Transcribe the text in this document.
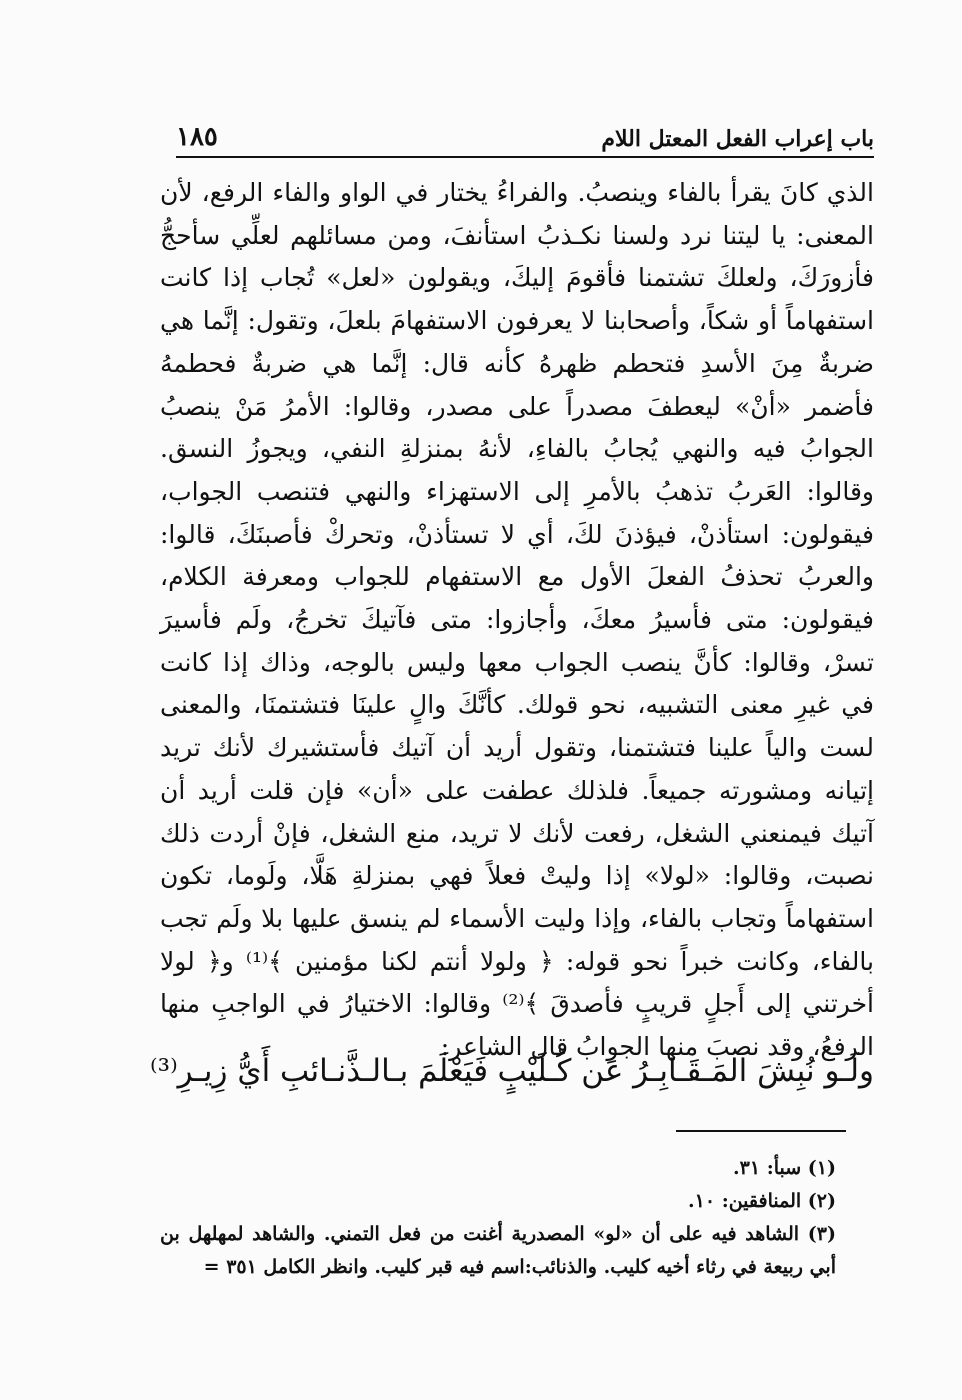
باب إعراب الفعل المعتل اللام
١٨٥

الذي كانَ يقرأ بالفاء وينصبُ. والفراءُ يختار في الواو والفاء الرفع، لأن المعنى: يا ليتنا نرد ولسنا نكـذبُ استأنفَ، ومن مسائلهم لعلِّي سأحجُّ فأزورَكَ، ولعلكَ تشتمنا فأقومَ إليكَ، ويقولون «لعل» تُجاب إذا كانت استفهاماً أو شكاً، وأصحابنا لا يعرفون الاستفهامَ بلعلَ، وتقول: إنَّما هي ضربةٌ مِنَ الأسدِ فتحطم ظهرهُ كأنه قال: إنَّما هي ضربةٌ فحطمهُ فأضمر «أنْ» ليعطفَ مصدراً على مصدر، وقالوا: الأمرُ مَنْ ينصبُ الجوابُ فيه والنهي يُجابُ بالفاءِ، لأنهُ بمنزلةِ النفي، ويجوزُ النسق. وقالوا: العَربُ تذهبُ بالأمرِ إلى الاستهزاء والنهي فتنصب الجواب، فيقولون: استأذنْ، فيؤذنَ لكَ، أي لا تستأذنْ، وتحركْ فأصبنَكَ، قالوا: والعربُ تحذفُ الفعلَ الأول مع الاستفهام للجواب ومعرفة الكلام، فيقولون: متى فأسيرُ معكَ، وأجازوا: متى فآتيكَ تخرجُ، ولَم فأسيرَ تسرْ، وقالوا: كأنَّ ينصب الجواب معها وليس بالوجه، وذاك إذا كانت في غيرِ معنى التشبيه، نحو قولك. كأنَّكَ والٍ علينَا فتشتمنَا، والمعنى لست والياً علينا فتشتمنا، وتقول أريد أن آتيك فأستشيرك لأنك تريد إتيانه ومشورته جميعاً. فلذلك عطفت على «أن» فإن قلت أريد أن آتيك فيمنعني الشغل، رفعت لأنك لا تريد، منع الشغل، فإنْ أردت ذلك نصبت، وقالوا: «لولا» إذا وليتْ فعلاً فهي بمنزلةِ هَلَّا، ولَوما، تكون استفهاماً وتجاب بالفاء، وإذا وليت الأسماء لم ينسق عليها بلا ولَم تجب بالفاء، وكانت خبراً نحو قوله: ﴿ ولولا أنتم لكنا مؤمنين ﴾⁽¹⁾ و﴿ لولا أخرتني إلى أَجلٍ قريبٍ فأصدقَ ﴾⁽²⁾ وقالوا: الاختيارُ في الواجبِ منها الرفعُ، وقد نصبَ منها الجوابُ قال الشاعر:

ولَـو نُبِشَ المَـقَـابِـرُ عَن كُـلَيْبٍ
فَيَعْلَمَ بـالـذَّنـائبِ أَيُّ زِيـرِ⁽³⁾

(١) سبأ: ٣١.

(٢) المنافقين: ١٠.

(٣) الشاهد فيه على أن «لو» المصدرية أغنت من فعل التمني. والشاهد لمهلهل بن أبي ربيعة في رثاء أخيه كليب. والذنائب:اسم فيه قبر كليب. وانظر الكامل ٣٥١ =
